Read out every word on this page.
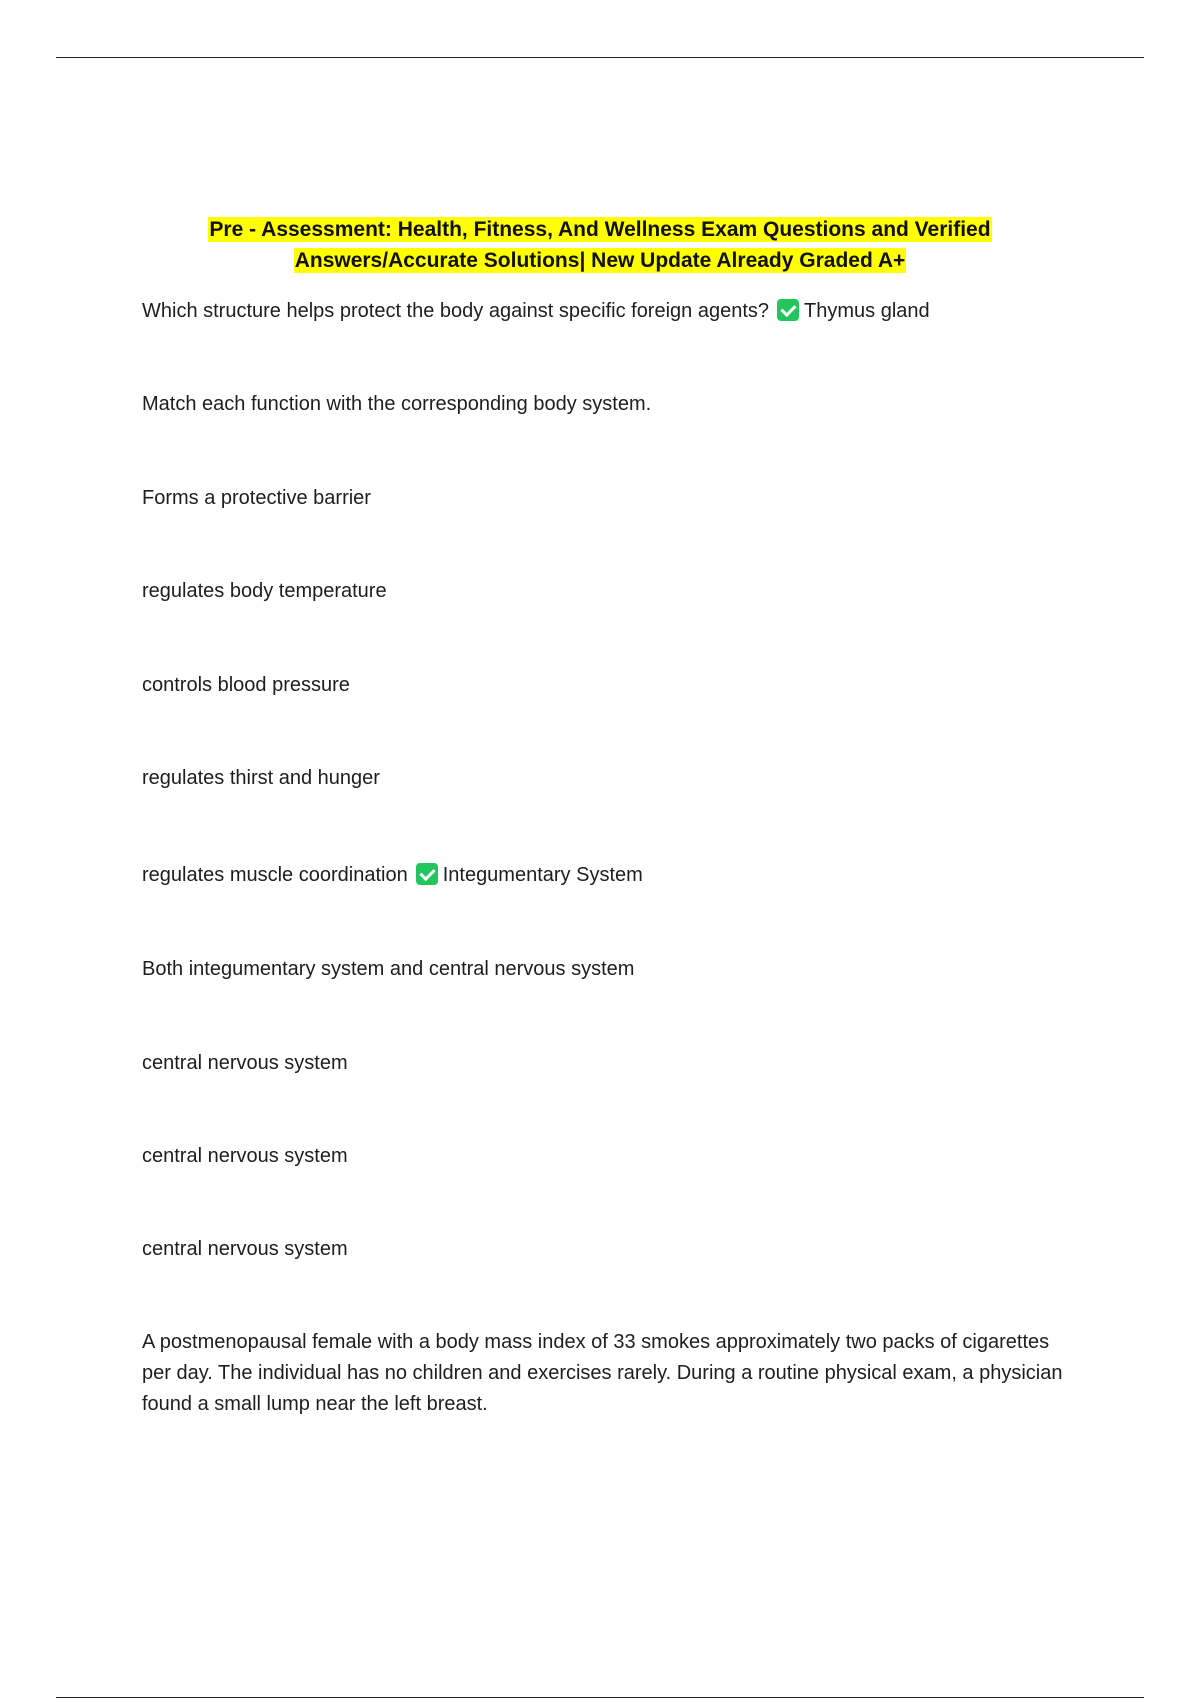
Pre - Assessment: Health, Fitness, And Wellness Exam Questions and Verified
Answers/Accurate Solutions| New Update Already Graded A+
Which structure helps protect the body against specific foreign agents? Thymus gland
Match each function with the corresponding body system.
Forms a protective barrier
regulates body temperature
controls blood pressure
regulates thirst and hunger
regulates muscle coordination Integumentary System
Both integumentary system and central nervous system
central nervous system
central nervous system
central nervous system
A postmenopausal female with a body mass index of 33 smokes approximately two packs of cigarettes per day. The individual has no children and exercises rarely. During a routine physical exam, a physician found a small lump near the left breast.
